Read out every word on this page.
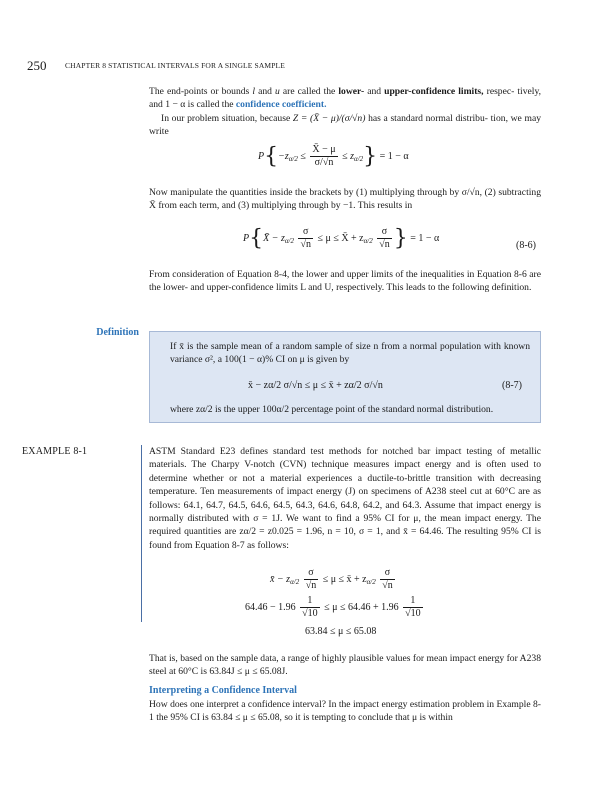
250 CHAPTER 8 STATISTICAL INTERVALS FOR A SINGLE SAMPLE

The end-points or bounds l and u are called the lower- and upper-confidence limits, respec- tively, and 1 − α is called the confidence coefficient.
In our problem situation, because Z = (X̄ − μ)/(σ/√n) has a standard normal distribu- tion, we may write

$P\{-z_{\alpha/2} \le \frac{X̄ - \mu}{\sigma/√n} \le z_{\alpha/2}\} = 1 - \alpha$

Now manipulate the quantities inside the brackets by (1) multiplying through by σ/√n, (2) subtracting X̄ from each term, and (3) multiplying through by −1. This results in

P{X̄ − $z_{\alpha/2} \frac{\sigma}{√n} \le \mu$ ≤ X̄ + $z_{\alpha/2} \frac{\sigma}{√n}$ } = 1 − α
(8-6)

From consideration of Equation 8-4, the lower and upper limits of the inequalities in Equation 8-6 are the lower- and upper-confidence limits L and U, respectively. This leads to the following definition.

Definition

If x̄ is the sample mean of a random sample of size n from a normal population with known variance σ², a 100(1 − α)% CI on μ is given by

x̄ − zα/2 σ/√n ≤ μ ≤ x̄ + zα/2 σ/√n	(8-7)

where zα/2 is the upper 100α/2 percentage point of the standard normal distribution.

EXAMPLE 8-1	ASTM Standard E23 defines standard test methods for notched bar impact testing of metallic materials. The Charpy V-notch (CVN) technique measures impact energy and is often used to determine whether or not a material experiences a ductile-to-brittle transition with decreasing temperature. Ten measurements of impact energy (J) on specimens of A238 steel cut at 60°C are as follows: 64.1, 64.7, 64.5, 64.6, 64.5, 64.3, 64.6, 64.8, 64.2, and 64.3. Assume that impact energy is normally distributed with σ = 1J. We want to find a 95% CI for μ, the mean impact energy. The required quantities are zα/2 = z0.025 = 1.96, n = 10, σ = 1, and x̄ = 64.46. The resulting 95% CI is found from Equation 8-7 as follows:

x̄ − $z_{\alpha/2} \frac{\sigma}{√n} \le \mu$ ≤ x̄ + $z_{\alpha/2} \frac{\sigma}{√n}$
$64.46 - 1.96 \frac{1}{√10} \le \mu \le 64.46 + 1.96 \frac{1}{√10}$
63.84 ≤ μ ≤ 65.08

That is, based on the sample data, a range of highly plausible values for mean impact energy for A238 steel at 60°C is 63.84J ≤ μ ≤ 65.08J.

Interpreting a Confidence Interval

How does one interpret a confidence interval? In the impact energy estimation problem in Example 8-1 the 95% CI is 63.84 ≤ μ ≤ 65.08, so it is tempting to conclude that μ is within
